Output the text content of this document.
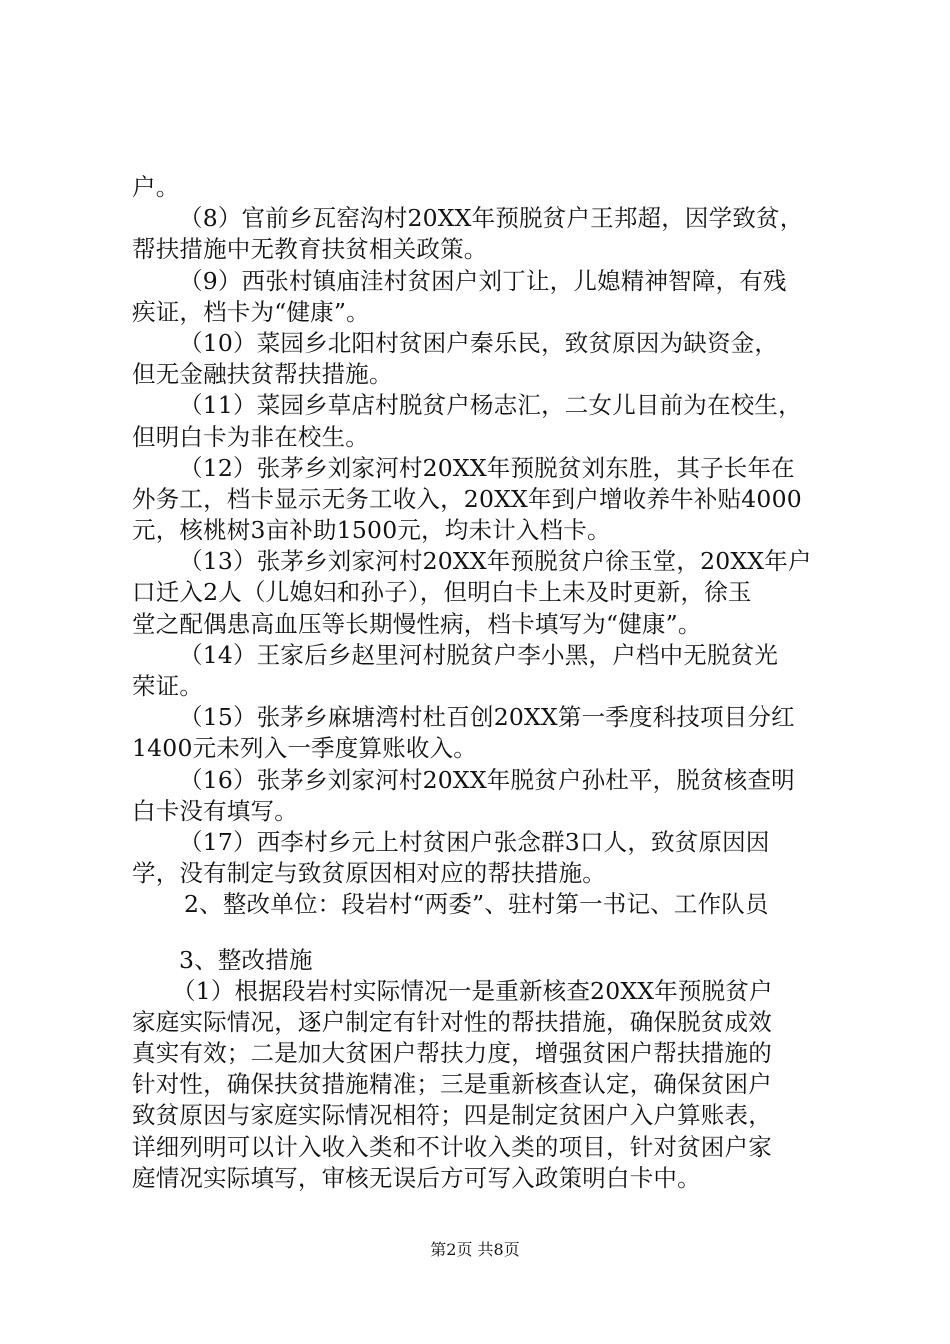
户。
（8）官前乡瓦窑沟村20XX年预脱贫户王邦超，因学致贫，
帮扶措施中无教育扶贫相关政策。
（9）西张村镇庙洼村贫困户刘丁让，儿媳精神智障，有残
疾证，档卡为“健康”。
（10）菜园乡北阳村贫困户秦乐民，致贫原因为缺资金，
但无金融扶贫帮扶措施。
（11）菜园乡草店村脱贫户杨志汇，二女儿目前为在校生，
但明白卡为非在校生。
（12）张茅乡刘家河村20XX年预脱贫刘东胜，其子长年在
外务工，档卡显示无务工收入，20XX年到户增收养牛补贴4000
元，核桃树3亩补助1500元，均未计入档卡。
（13）张茅乡刘家河村20XX年预脱贫户徐玉堂，20XX年户
口迁入2人（儿媳妇和孙子），但明白卡上未及时更新，徐玉
堂之配偶患高血压等长期慢性病，档卡填写为“健康”。
（14）王家后乡赵里河村脱贫户李小黑，户档中无脱贫光
荣证。
（15）张茅乡麻塘湾村杜百创20XX第一季度科技项目分红
1400元未列入一季度算账收入。
（16）张茅乡刘家河村20XX年脱贫户孙杜平，脱贫核查明
白卡没有填写。
（17）西李村乡元上村贫困户张念群3口人，致贫原因因
学，没有制定与致贫原因相对应的帮扶措施。
2、整改单位：段岩村“两委”、驻村第一书记、工作队员
3、整改措施
（1）根据段岩村实际情况一是重新核查20XX年预脱贫户
家庭实际情况，逐户制定有针对性的帮扶措施，确保脱贫成效
真实有效；二是加大贫困户帮扶力度，增强贫困户帮扶措施的
针对性，确保扶贫措施精准；三是重新核查认定，确保贫困户
致贫原因与家庭实际情况相符；四是制定贫困户入户算账表，
详细列明可以计入收入类和不计收入类的项目，针对贫困户家
庭情况实际填写，审核无误后方可写入政策明白卡中。
第2页 共8页
